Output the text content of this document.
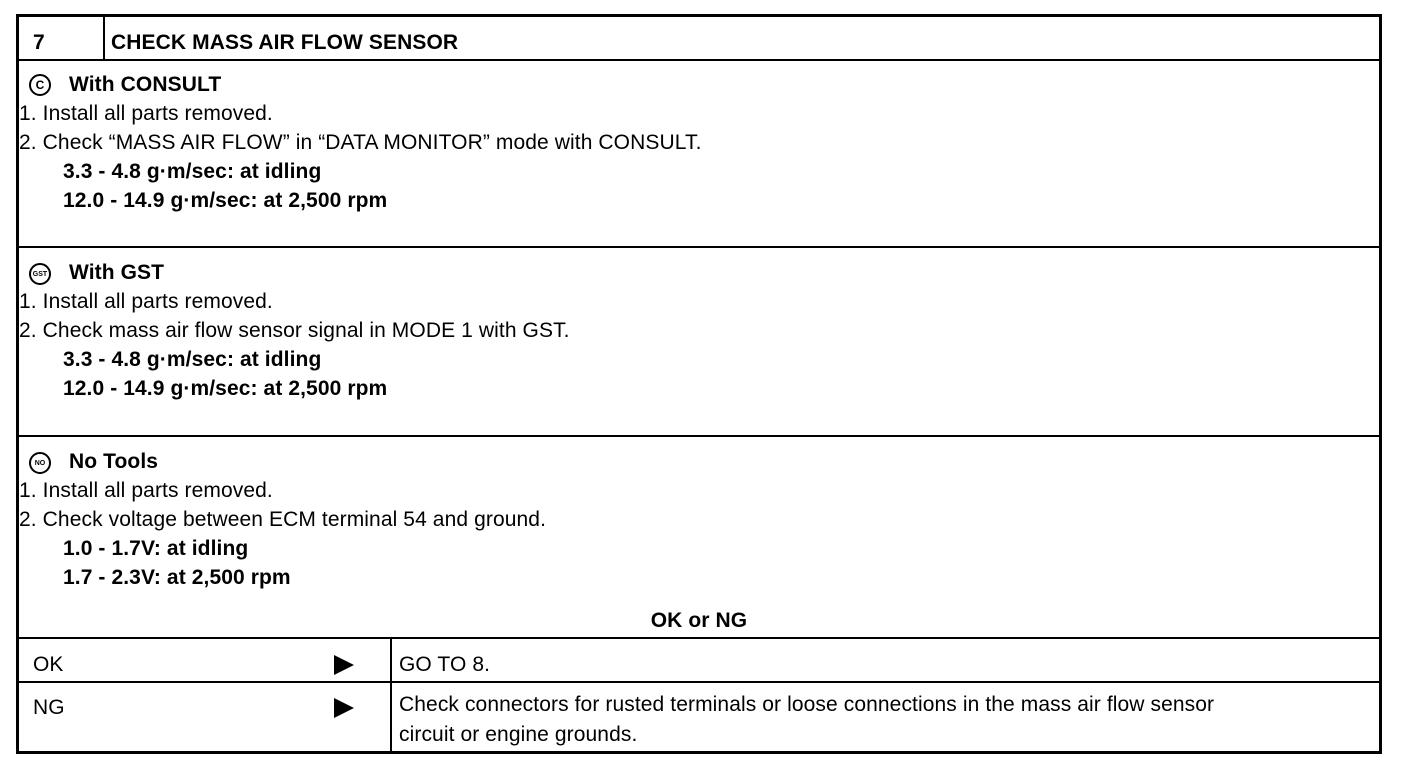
7	CHECK MASS AIR FLOW SENSOR
C With CONSULT
1. Install all parts removed.
2. Check “MASS AIR FLOW” in “DATA MONITOR” mode with CONSULT.
3.3 - 4.8 g·m/sec: at idling
12.0 - 14.9 g·m/sec: at 2,500 rpm
GST With GST
1. Install all parts removed.
2. Check mass air flow sensor signal in MODE 1 with GST.
3.3 - 4.8 g·m/sec: at idling
12.0 - 14.9 g·m/sec: at 2,500 rpm
NO No Tools
1. Install all parts removed.
2. Check voltage between ECM terminal 54 and ground.
1.0 - 1.7V: at idling
1.7 - 2.3V: at 2,500 rpm
OK or NG
OK	GO TO 8.
NG	Check connectors for rusted terminals or loose connections in the mass air flow sensor
circuit or engine grounds.
